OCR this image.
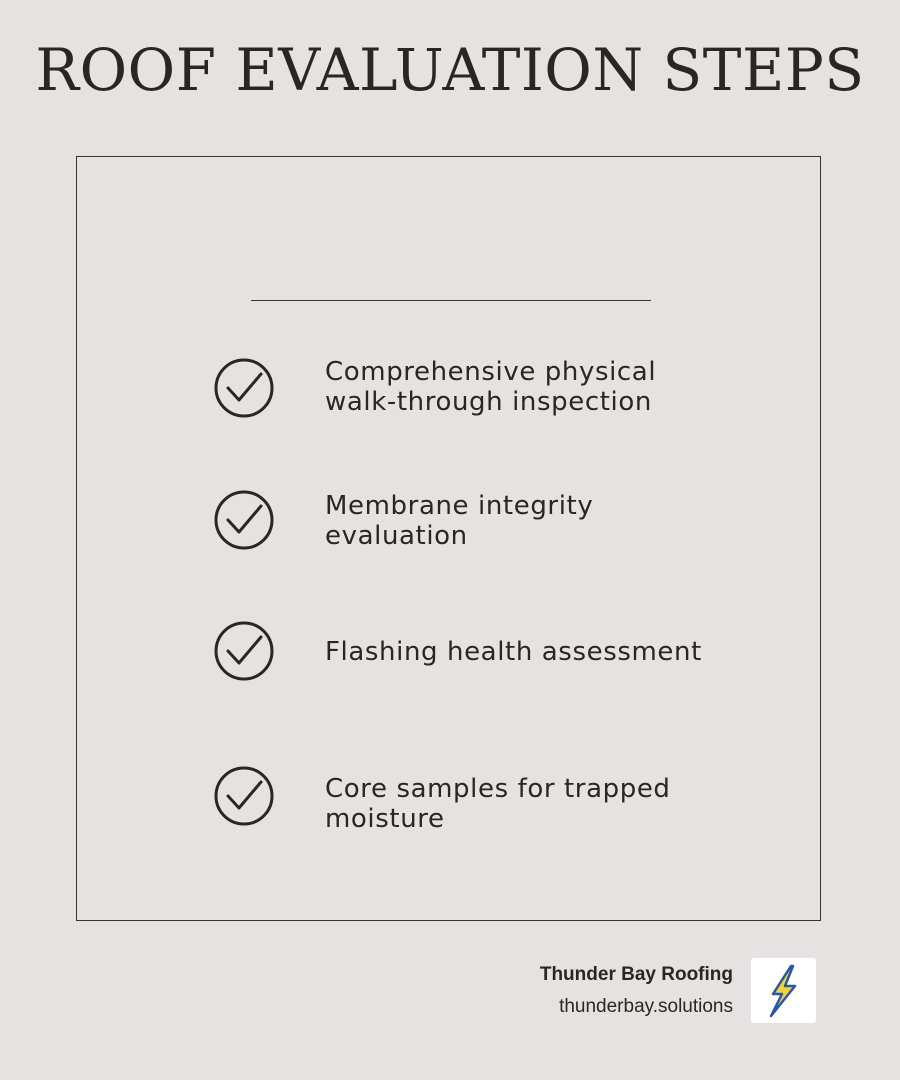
ROOF EVALUATION STEPS
Comprehensive physical
walk-through inspection
Membrane integrity
evaluation
Flashing health assessment
Core samples for trapped
moisture
Thunder Bay Roofing
thunderbay.solutions
